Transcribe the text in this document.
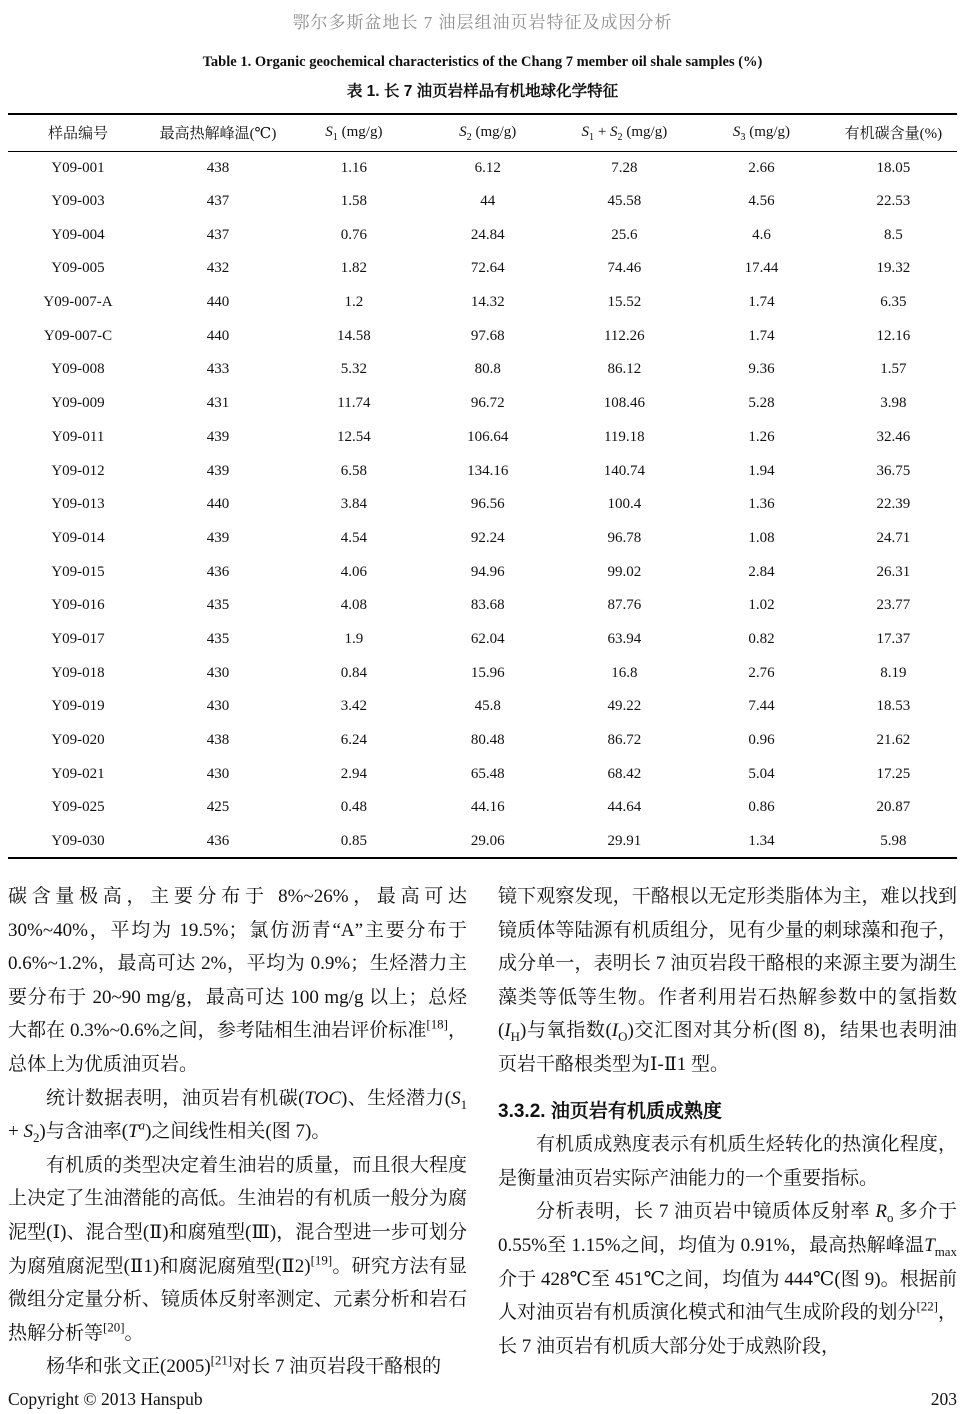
鄂尔多斯盆地长 7 油层组油页岩特征及成因分析
Table 1. Organic geochemical characteristics of the Chang 7 member oil shale samples (%)
表 1. 长 7 油页岩样品有机地球化学特征
样品编号	最高热解峰温(℃)	$S_1$ (mg/g)	$S_2$ (mg/g)	$S_1 + S_2$ (mg/g)	$S_3$ (mg/g)	有机碳含量(%)
Y09-001	438	1.16	6.12	7.28	2.66	18.05
Y09-003	437	1.58	44	45.58	4.56	22.53
Y09-004	437	0.76	24.84	25.6	4.6	8.5
Y09-005	432	1.82	72.64	74.46	17.44	19.32
Y09-007-A	440	1.2	14.32	15.52	1.74	6.35
Y09-007-C	440	14.58	97.68	112.26	1.74	12.16
Y09-008	433	5.32	80.8	86.12	9.36	1.57
Y09-009	431	11.74	96.72	108.46	5.28	3.98
Y09-011	439	12.54	106.64	119.18	1.26	32.46
Y09-012	439	6.58	134.16	140.74	1.94	36.75
Y09-013	440	3.84	96.56	100.4	1.36	22.39
Y09-014	439	4.54	92.24	96.78	1.08	24.71
Y09-015	436	4.06	94.96	99.02	2.84	26.31
Y09-016	435	4.08	83.68	87.76	1.02	23.77
Y09-017	435	1.9	62.04	63.94	0.82	17.37
Y09-018	430	0.84	15.96	16.8	2.76	8.19
Y09-019	430	3.42	45.8	49.22	7.44	18.53
Y09-020	438	6.24	80.48	86.72	0.96	21.62
Y09-021	430	2.94	65.48	68.42	5.04	17.25
Y09-025	425	0.48	44.16	44.64	0.86	20.87
Y09-030	436	0.85	29.06	29.91	1.34	5.98

碳含量极高，主要分布于 8%~26%，最高可达 30%~40%，平均为 19.5%；氯仿沥青“A”主要分布于 0.6%~1.2%，最高可达 2%，平均为 0.9%；生烃潜力主要分布于 20~90 mg/g，最高可达 100 mg/g 以上；总烃大都在 0.3%~0.6%之间，参考陆相生油岩评价标准[18]，总体上为优质油页岩。

统计数据表明，油页岩有机碳(TOC)、生烃潜力$(S_1 + S_2)$与含油率$(T^a)$之间线性相关(图 7)。

有机质的类型决定着生油岩的质量，而且很大程度上决定了生油潜能的高低。生油岩的有机质一般分为腐泥型(Ⅰ)、混合型(Ⅱ)和腐殖型(Ⅲ)，混合型进一步可划分为腐殖腐泥型(Ⅱ1)和腐泥腐殖型(Ⅱ2)[19]。研究方法有显微组分定量分析、镜质体反射率测定、元素分析和岩石热解分析等[20]。

杨华和张文正(2005)[21]对长 7 油页岩段干酪根的

镜下观察发现，干酪根以无定形类脂体为主，难以找到镜质体等陆源有机质组分，见有少量的刺球藻和孢子，成分单一，表明长 7 油页岩段干酪根的来源主要为湖生藻类等低等生物。作者利用岩石热解参数中的氢指数$(I_H)$与氧指数$(I_O)$交汇图对其分析(图 8)，结果也表明油页岩干酪根类型为Ⅰ-Ⅱ1 型。

3.3.2. 油页岩有机质成熟度

有机质成熟度表示有机质生烃转化的热演化程度，是衡量油页岩实际产油能力的一个重要指标。

分析表明，长 7 油页岩中镜质体反射率 $R_o$ 多介于 0.55%至 1.15%之间，均值为 0.91%，最高热解峰温$T_{max}$ 介于 428℃至 451℃之间，均值为 444℃(图 9)。根据前人对油页岩有机质演化模式和油气生成阶段的划分[22]，长 7 油页岩有机质大部分处于成熟阶段，

Copyright © 2013 Hanspub	203
